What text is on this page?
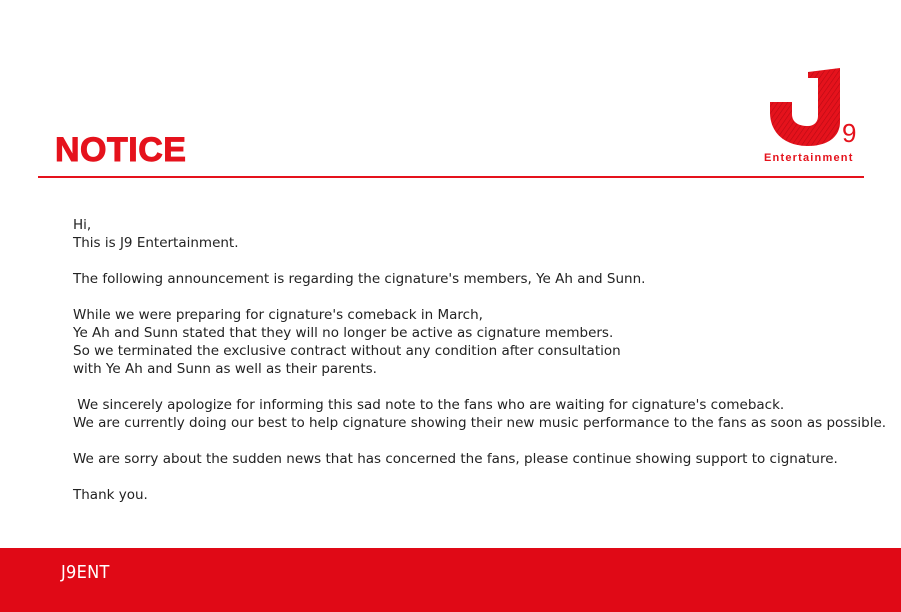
NOTICE	9
Entertainment

Hi,
This is J9 Entertainment.

The following announcement is regarding the cignature's members, Ye Ah and Sunn.

While we were preparing for cignature's comeback in March,
Ye Ah and Sunn stated that they will no longer be active as cignature members.
So we terminated the exclusive contract without any condition after consultation
with Ye Ah and Sunn as well as their parents.

We sincerely apologize for informing this sad note to the fans who are waiting for cignature's comeback.
We are currently doing our best to help cignature showing their new music performance to the fans as soon as possible.

We are sorry about the sudden news that has concerned the fans, please continue showing support to cignature.

Thank you.

J9ENT
